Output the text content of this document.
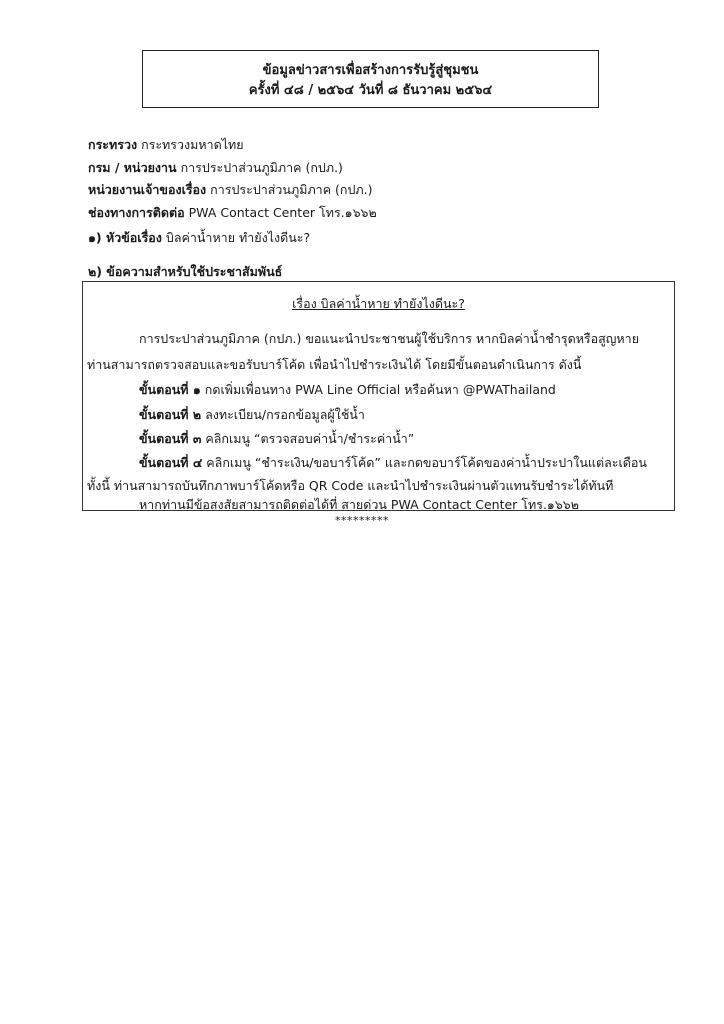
ข้อมูลข่าวสารเพื่อสร้างการรับรู้สู่ชุมชน
ครั้งที่ ๔๘ / ๒๕๖๔ วันที่ ๘ ธันวาคม ๒๕๖๔
กระทรวง กระทรวงมหาดไทย
กรม / หน่วยงาน การประปาส่วนภูมิภาค (กปภ.)
หน่วยงานเจ้าของเรื่อง การประปาส่วนภูมิภาค (กปภ.)
ช่องทางการติดต่อ PWA Contact Center โทร.๑๖๖๒
๑) หัวข้อเรื่อง บิลค่าน้ำหาย ทำยังไงดีนะ?
๒) ข้อความสำหรับใช้ประชาสัมพันธ์
เรื่อง บิลค่าน้ำหาย ทำยังไงดีนะ?
การประปาส่วนภูมิภาค (กปภ.) ขอแนะนำประชาชนผู้ใช้บริการ หากบิลค่าน้ำชำรุดหรือสูญหาย
ท่านสามารถตรวจสอบและขอรับบาร์โค้ด เพื่อนำไปชำระเงินได้ โดยมีขั้นตอนดำเนินการ ดังนี้
ขั้นตอนที่ ๑ กดเพิ่มเพื่อนทาง PWA Line Official หรือค้นหา @PWAThailand
ขั้นตอนที่ ๒ ลงทะเบียน/กรอกข้อมูลผู้ใช้น้ำ
ขั้นตอนที่ ๓ คลิกเมนู “ตรวจสอบค่าน้ำ/ชำระค่าน้ำ”
ขั้นตอนที่ ๔ คลิกเมนู “ชำระเงิน/ขอบาร์โค้ด” และกดขอบาร์โค้ดของค่าน้ำประปาในแต่ละเดือน
ทั้งนี้ ท่านสามารถบันทึกภาพบาร์โค้ดหรือ QR Code และนำไปชำระเงินผ่านตัวแทนรับชำระได้ทันที
หากท่านมีข้อสงสัยสามารถติดต่อได้ที่ สายด่วน PWA Contact Center โทร.๑๖๖๒
*********
